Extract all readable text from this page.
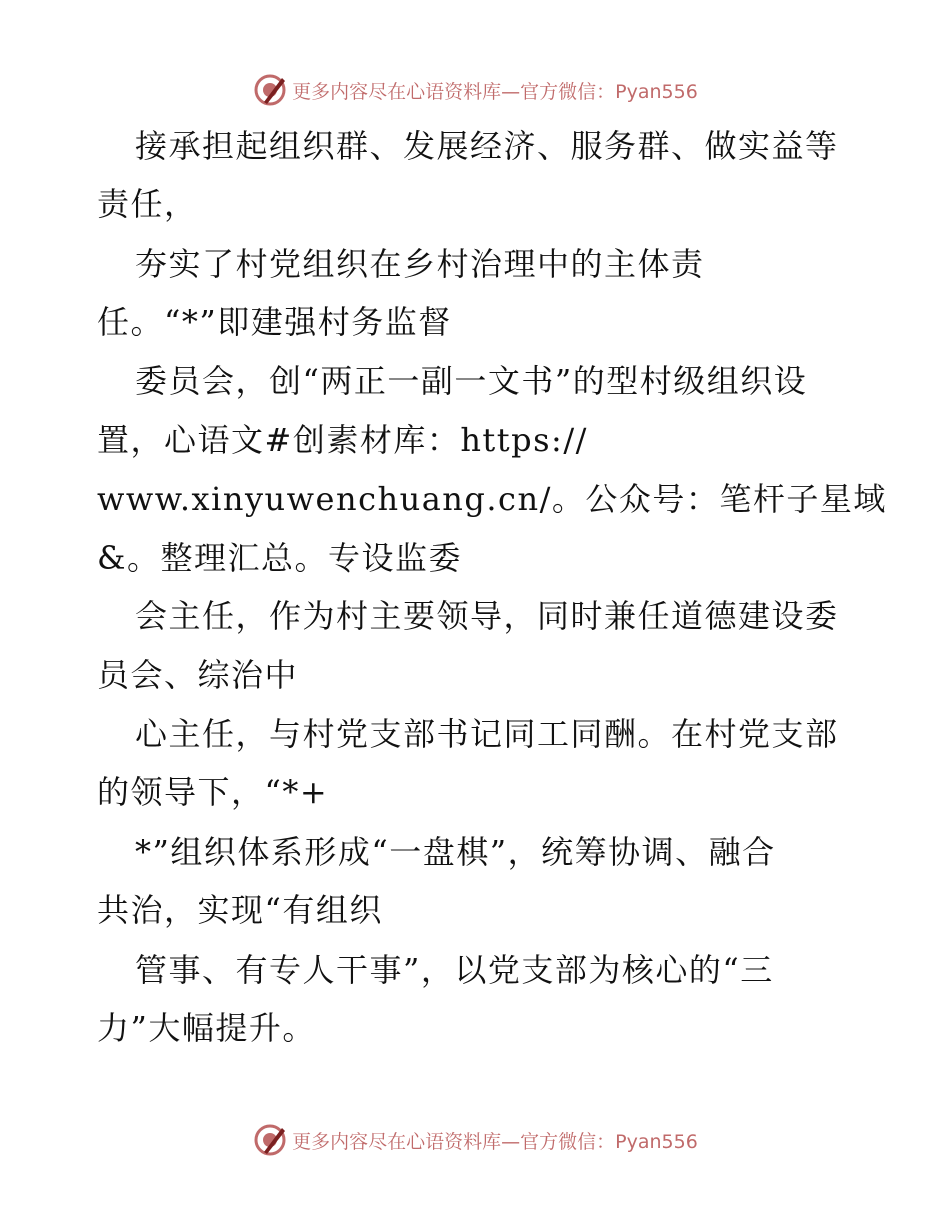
更多内容尽在心语资料库—官方微信：Pyan556
接承担起组织群、发展经济、服务群、做实益等
责任，
夯实了村党组织在乡村治理中的主体责
任。“*”即建强村务监督
委员会，创“两正一副一文书”的型村级组织设
置，心语文#创素材库：https://
www.xinyuwenchuang.cn/。公众号：笔杆子星域
&。整理汇总。专设监委
会主任，作为村主要领导，同时兼任道德建设委
员会、综治中
心主任，与村党支部书记同工同酬。在村党支部
的领导下，“*+
*”组织体系形成“一盘棋”，统筹协调、融合
共治，实现“有组织
管事、有专人干事”，以党支部为核心的“三
力”大幅提升。
更多内容尽在心语资料库—官方微信：Pyan556
